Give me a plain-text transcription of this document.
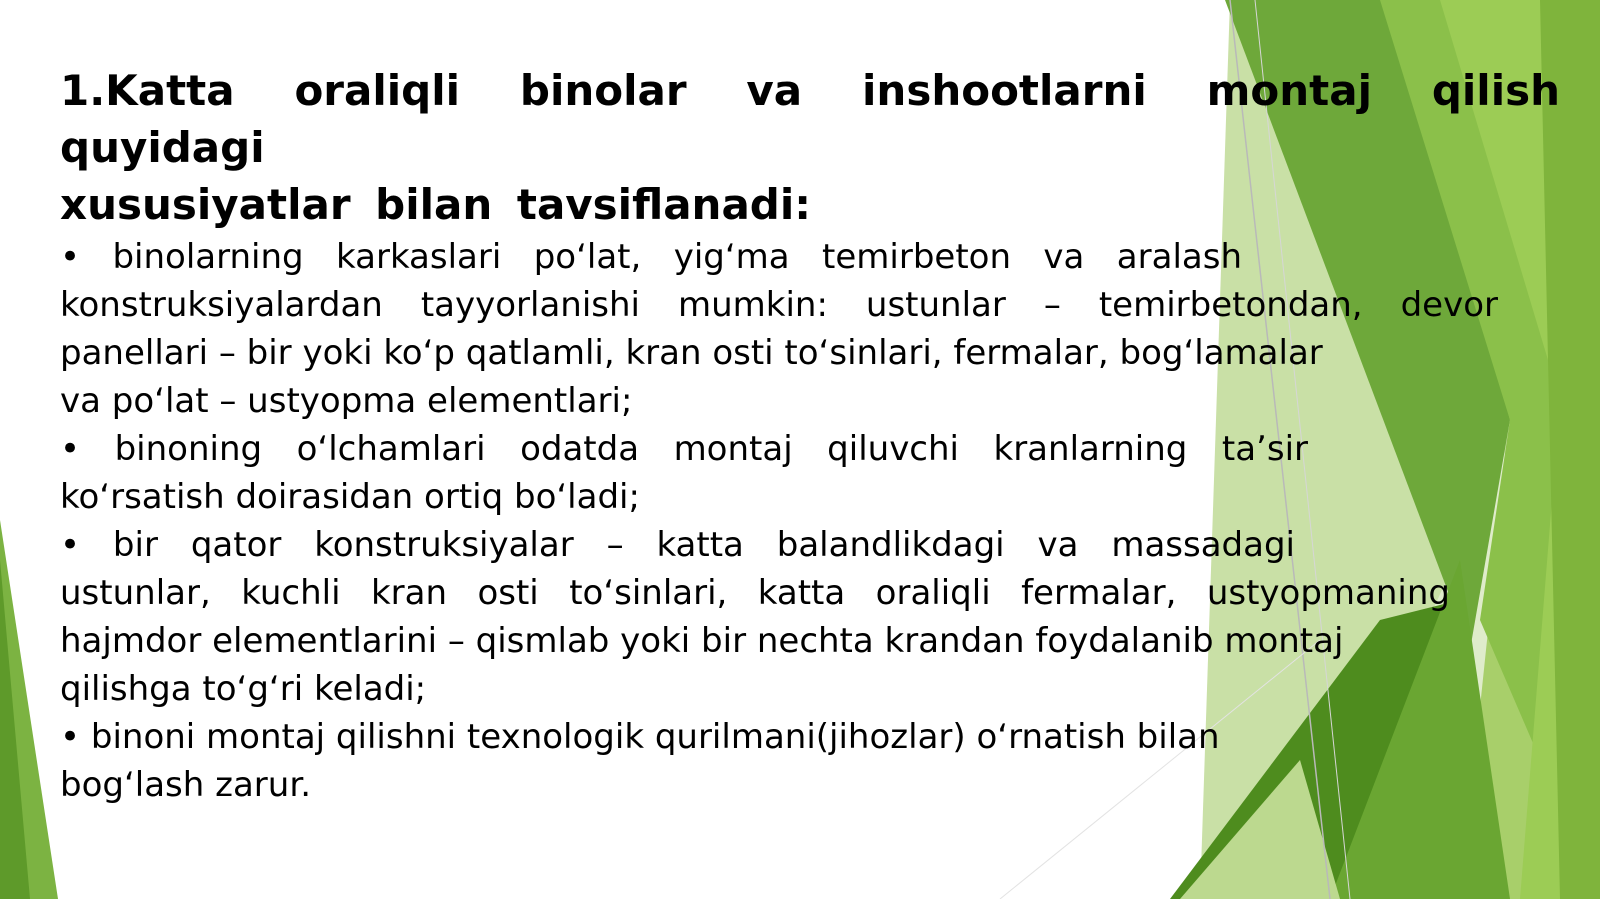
1.Katta oraliqli binolar va inshootlarni montaj qilish quyidagi
xususiyatlar bilan tavsiflanadi:
• binolarning karkaslari po‘lat, yig‘ma temirbeton va aralash
konstruksiyalardan tayyorlanishi mumkin: ustunlar – temirbetondan, devor
panellari – bir yoki ko‘p qatlamli, kran osti to‘sinlari, fermalar, bog‘lamalar
va po‘lat – ustyopma elementlari;
• binoning o‘lchamlari odatda montaj qiluvchi kranlarning ta’sir
ko‘rsatish doirasidan ortiq bo‘ladi;
• bir qator konstruksiyalar – katta balandlikdagi va massadagi
ustunlar, kuchli kran osti to‘sinlari, katta oraliqli fermalar, ustyopmaning
hajmdor elementlarini – qismlab yoki bir nechta krandan foydalanib montaj
qilishga to‘g‘ri keladi;
• binoni montaj qilishni texnologik qurilmani(jihozlar) o‘rnatish bilan
bog‘lash zarur.
